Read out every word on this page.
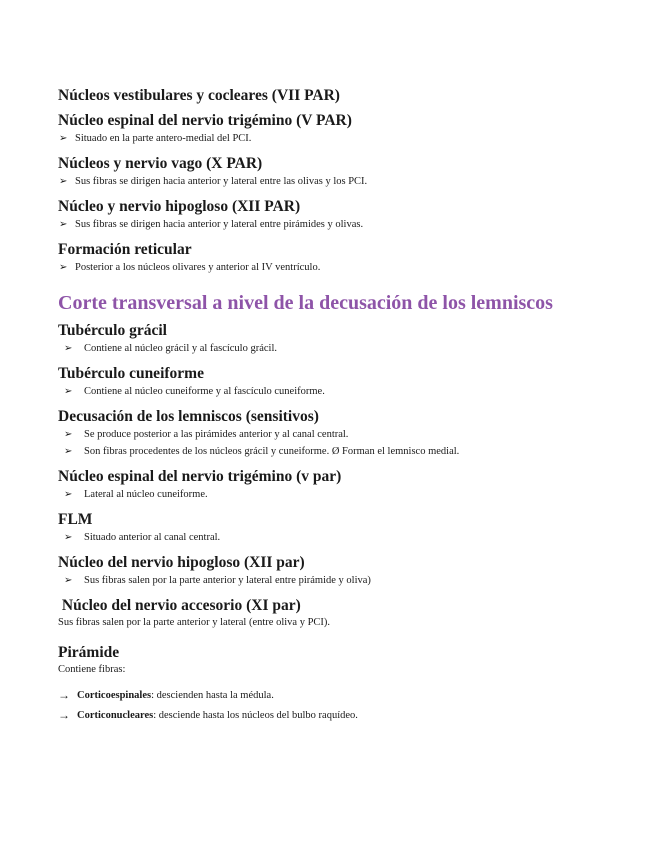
Núcleos vestibulares y cocleares (VII PAR)
Núcleo espinal del nervio trigémino (V PAR)
➢ Situado en la parte antero-medial del PCI.
Núcleos y nervio vago (X PAR)
➢ Sus fibras se dirigen hacia anterior y lateral entre las olivas y los PCI.
Núcleo y nervio hipogloso (XII PAR)
➢ Sus fibras se dirigen hacia anterior y lateral entre pirámides y olivas.
Formación reticular
➢ Posterior a los núcleos olivares y anterior al IV ventrículo.
Corte transversal a nivel de la decusación de los lemniscos
Tubérculo grácil
➢ Contiene al núcleo grácil y al fascículo grácil.
Tubérculo cuneiforme
➢ Contiene al núcleo cuneiforme y al fascículo cuneiforme.
Decusación de los lemniscos (sensitivos)
➢ Se produce posterior a las pirámides anterior y al canal central.
➢ Son fibras procedentes de los núcleos grácil y cuneiforme. Ø Forman el lemnisco medial.
Núcleo espinal del nervio trigémino (v par)
➢ Lateral al núcleo cuneiforme.
FLM
➢ Situado anterior al canal central.
Núcleo del nervio hipogloso (XII par)
➢ Sus fibras salen por la parte anterior y lateral entre pirámide y oliva)
Núcleo del nervio accesorio (XI par)

Sus fibras salen por la parte anterior y lateral (entre oliva y PCI).

Pirámide

Contiene fibras:

→ Corticoespinales: descienden hasta la médula.
→ Corticonucleares: desciende hasta los núcleos del bulbo raquídeo.
